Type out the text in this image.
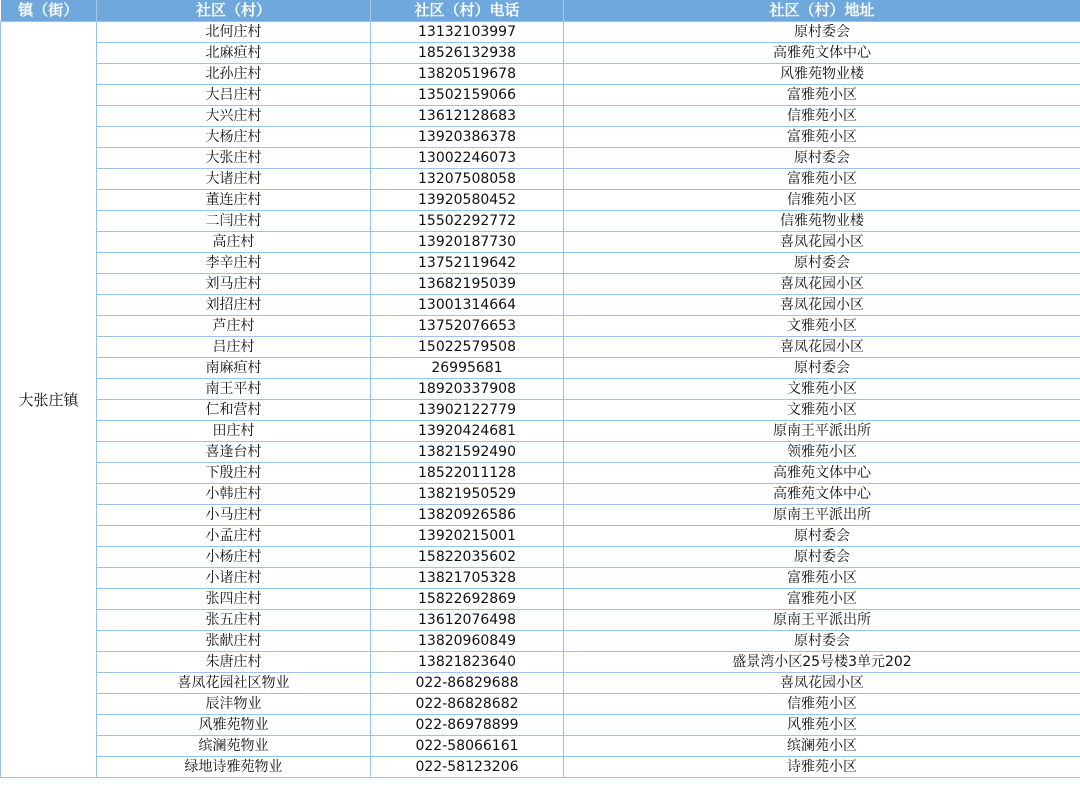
镇（街）	社区（村）	社区（村）电话	社区（村）地址
大张庄镇	北何庄村	13132103997	原村委会
	北麻疸村	18526132938	高雅苑文体中心
	北孙庄村	13820519678	风雅苑物业楼
	大吕庄村	13502159066	富雅苑小区
	大兴庄村	13612128683	信雅苑小区
	大杨庄村	13920386378	富雅苑小区
	大张庄村	13002246073	原村委会
	大诸庄村	13207508058	富雅苑小区
	董连庄村	13920580452	信雅苑小区
	二闫庄村	15502292772	信雅苑物业楼
	高庄村	13920187730	喜凤花园小区
	李辛庄村	13752119642	原村委会
	刘马庄村	13682195039	喜凤花园小区
	刘招庄村	13001314664	喜凤花园小区
	芦庄村	13752076653	文雅苑小区
	吕庄村	15022579508	喜凤花园小区
	南麻疸村	26995681	原村委会
	南王平村	18920337908	文雅苑小区
	仁和营村	13902122779	文雅苑小区
	田庄村	13920424681	原南王平派出所
	喜逢台村	13821592490	领雅苑小区
	下殷庄村	18522011128	高雅苑文体中心
	小韩庄村	13821950529	高雅苑文体中心
	小马庄村	13820926586	原南王平派出所
	小孟庄村	13920215001	原村委会
	小杨庄村	15822035602	原村委会
	小诸庄村	13821705328	富雅苑小区
	张四庄村	15822692869	富雅苑小区
	张五庄村	13612076498	原南王平派出所
	张献庄村	13820960849	原村委会
	朱唐庄村	13821823640	盛景湾小区25号楼3单元202
	喜凤花园社区物业	022-86829688	喜凤花园小区
	辰沣物业	022-86828682	信雅苑小区
	风雅苑物业	022-86978899	风雅苑小区
	缤澜苑物业	022-58066161	缤澜苑小区
	绿地诗雅苑物业	022-58123206	诗雅苑小区
